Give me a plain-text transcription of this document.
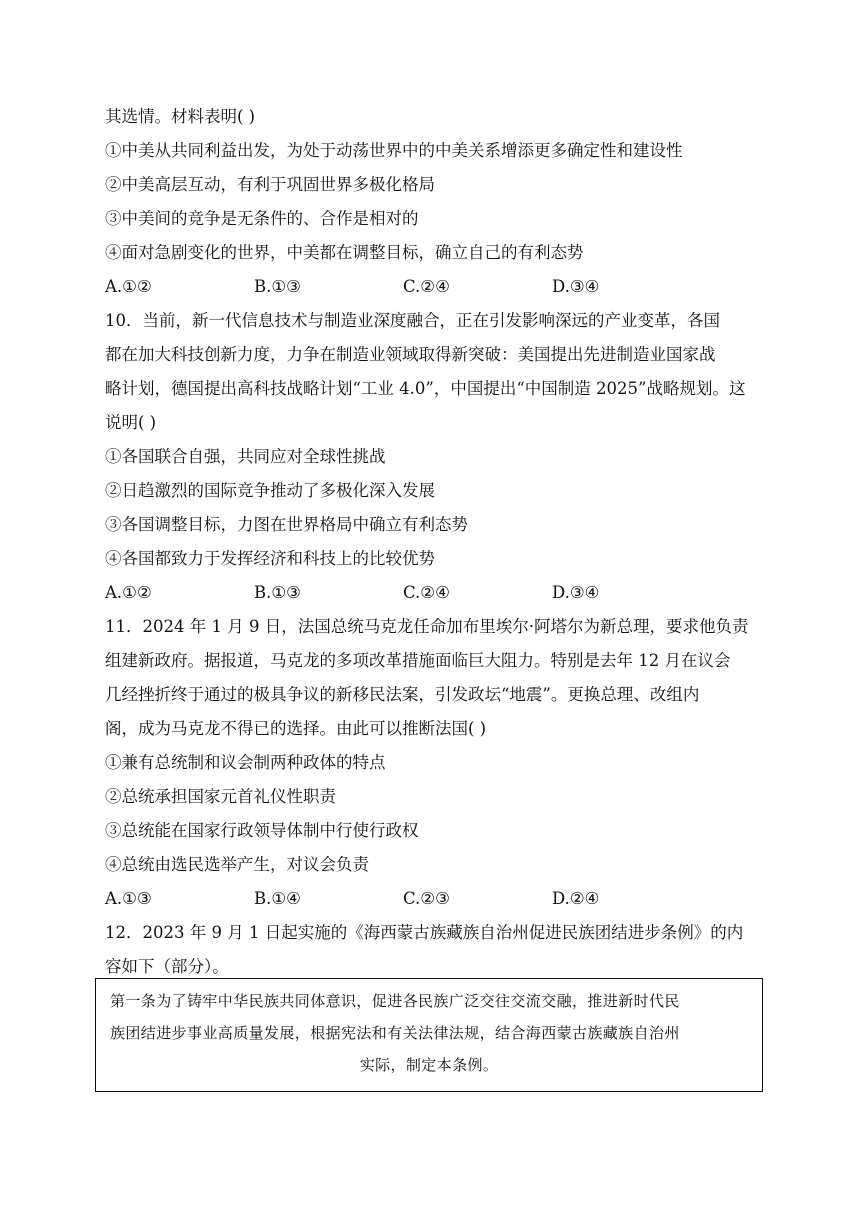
其选情。材料表明( )
①中美从共同利益出发，为处于动荡世界中的中美关系增添更多确定性和建设性
②中美高层互动，有利于巩固世界多极化格局
③中美间的竞争是无条件的、合作是相对的
④面对急剧变化的世界，中美都在调整目标，确立自己的有利态势
A.①②	B.①③	C.②④	D.③④
10．当前，新一代信息技术与制造业深度融合，正在引发影响深远的产业变革，各国
都在加大科技创新力度，力争在制造业领域取得新突破：美国提出先进制造业国家战
略计划，德国提出高科技战略计划“工业 4.0”，中国提出“中国制造 2025”战略规划。这
说明( )
①各国联合自强，共同应对全球性挑战
②日趋激烈的国际竞争推动了多极化深入发展
③各国调整目标，力图在世界格局中确立有利态势
④各国都致力于发挥经济和科技上的比较优势
A.①②	B.①③	C.②④	D.③④
11．2024 年 1 月 9 日，法国总统马克龙任命加布里埃尔·阿塔尔为新总理，要求他负责
组建新政府。据报道，马克龙的多项改革措施面临巨大阻力。特别是去年 12 月在议会
几经挫折终于通过的极具争议的新移民法案，引发政坛“地震”。更换总理、改组内
阁，成为马克龙不得已的选择。由此可以推断法国( )
①兼有总统制和议会制两种政体的特点
②总统承担国家元首礼仪性职责
③总统能在国家行政领导体制中行使行政权
④总统由选民选举产生，对议会负责
A.①③	B.①④	C.②③	D.②④
12．2023 年 9 月 1 日起实施的《海西蒙古族藏族自治州促进民族团结进步条例》的内
容如下（部分）。
第一条为了铸牢中华民族共同体意识，促进各民族广泛交往交流交融，推进新时代民
族团结进步事业高质量发展，根据宪法和有关法律法规，结合海西蒙古族藏族自治州
实际，制定本条例。
